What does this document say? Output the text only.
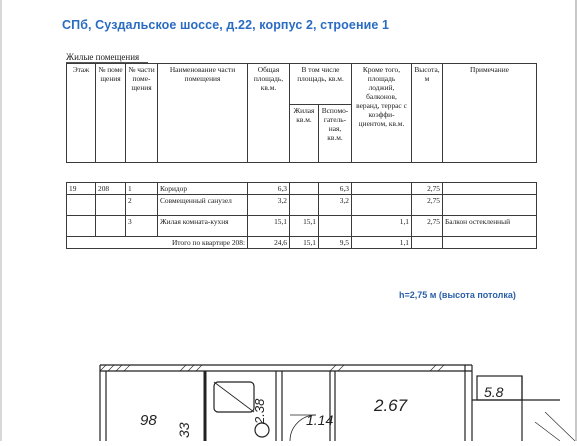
СПб, Суздальское шоссе, д.22, корпус 2, строение 1
Жилые помещения
Этаж	№ поме щения	№ части поме- щения	Наименование части помещения	Общая площадь, кв.м.	В том числе площадь, кв.м.		Кроме того, площадь лоджий, балконов, веранд, террас с коэффи- циентом, кв.м.	Высота, м	Примечание
					Жилая кв.м.	Вспомо- гатель- ная, кв.м.			
19	208	1	Коридор	6,3		6,3		2,75	
		2	Совмещенный санузел	3,2		3,2		2,75	
		3	Жилая комната-кухня	15,1	15,1		1,1	2,75	Балкон остекленный
Итого по квартире 208:				24,6	15,1	9,5	1,1		
h=2,75 м (высота потолка)
2.67
1.14
5.8
2.38
98
33
